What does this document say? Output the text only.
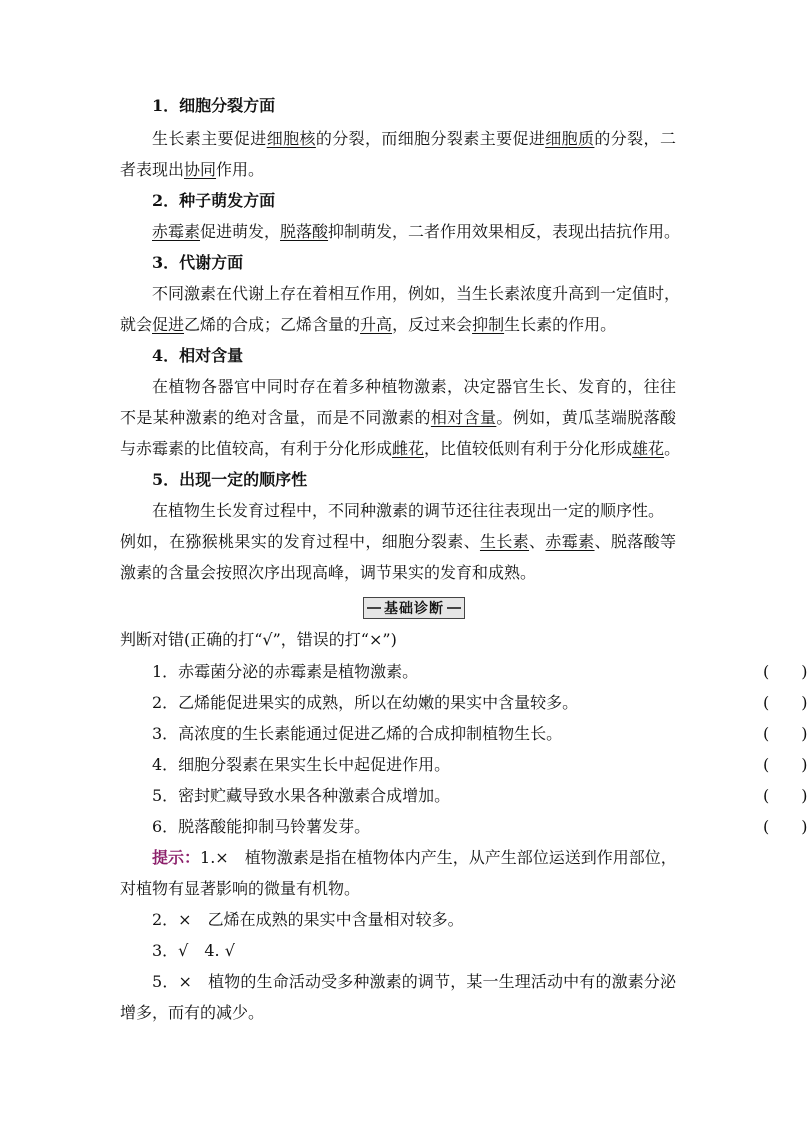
1．细胞分裂方面
生长素主要促进细胞核的分裂，而细胞分裂素主要促进细胞质的分裂，二
者表现出协同作用。
2．种子萌发方面
赤霉素促进萌发，脱落酸抑制萌发，二者作用效果相反，表现出拮抗作用。
3．代谢方面
不同激素在代谢上存在着相互作用，例如，当生长素浓度升高到一定值时，
就会促进乙烯的合成；乙烯含量的升高，反过来会抑制生长素的作用。
4．相对含量
在植物各器官中同时存在着多种植物激素，决定器官生长、发育的，往往
不是某种激素的绝对含量，而是不同激素的相对含量。例如，黄瓜茎端脱落酸
与赤霉素的比值较高，有利于分化形成雌花，比值较低则有利于分化形成雄花。
5．出现一定的顺序性
在植物生长发育过程中，不同种激素的调节还往往表现出一定的顺序性。
例如，在猕猴桃果实的发育过程中，细胞分裂素、生长素、赤霉素、脱落酸等
激素的含量会按照次序出现高峰，调节果实的发育和成熟。
基础诊断
判断对错(正确的打“√”，错误的打“×”)
1．赤霉菌分泌的赤霉素是植物激素。	(　　)
2．乙烯能促进果实的成熟，所以在幼嫩的果实中含量较多。	(　　)
3．高浓度的生长素能通过促进乙烯的合成抑制植物生长。	(　　)
4．细胞分裂素在果实生长中起促进作用。	(　　)
5．密封贮藏导致水果各种激素合成增加。	(　　)
6．脱落酸能抑制马铃薯发芽。	(　　)
提示：1.×　植物激素是指在植物体内产生，从产生部位运送到作用部位，
对植物有显著影响的微量有机物。
2．×　乙烯在成熟的果实中含量相对较多。
3．√　4. √
5．×　植物的生命活动受多种激素的调节，某一生理活动中有的激素分泌
增多，而有的减少。
